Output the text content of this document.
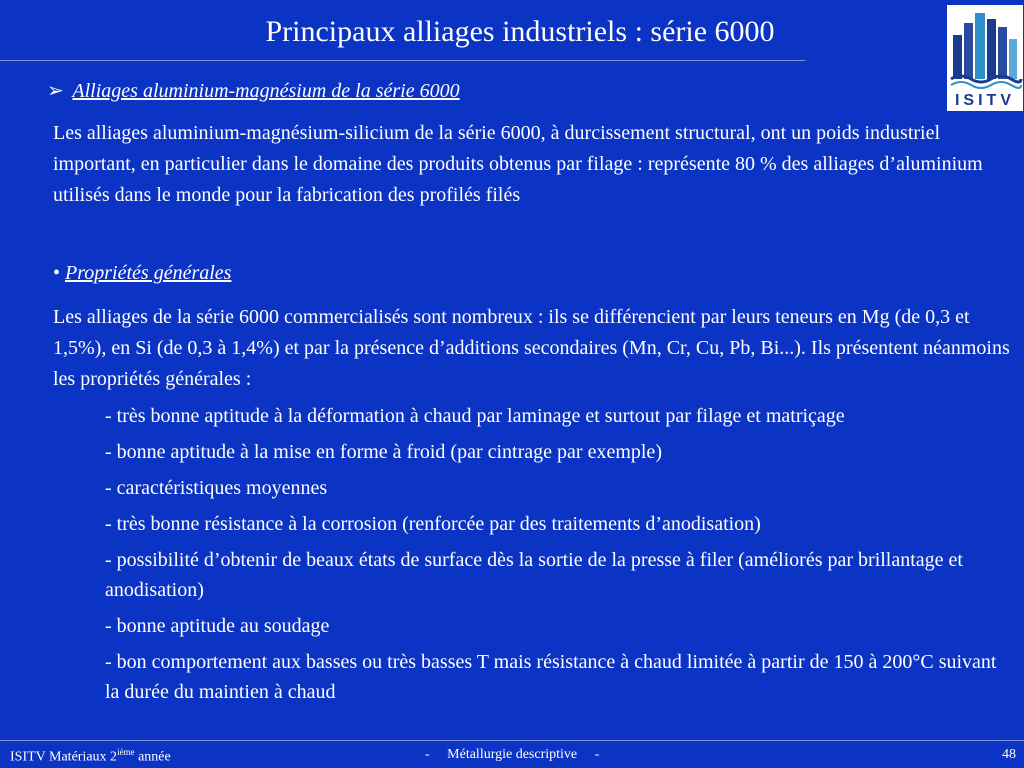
Principaux alliages industriels : série 6000
ISITV
➢ Alliages aluminium-magnésium de la série 6000
Les alliages aluminium-magnésium-silicium de la série 6000, à durcissement structural, ont un poids industriel important, en particulier dans le domaine des produits obtenus par filage : représente 80 % des alliages d’aluminium utilisés dans le monde pour la fabrication des profilés filés
• Propriétés générales
Les alliages de la série 6000 commercialisés sont nombreux : ils se différencient par leurs teneurs en Mg (de 0,3 et 1,5%), en Si (de 0,3 à 1,4%) et par la présence d’additions secondaires (Mn, Cr, Cu, Pb, Bi...). Ils présentent néanmoins les propriétés générales :
- très bonne aptitude à la déformation à chaud par laminage et surtout par filage et matriçage
- bonne aptitude à la mise en forme à froid (par cintrage par exemple)
- caractéristiques moyennes
- très bonne résistance à la corrosion (renforcée par des traitements d’anodisation)
- possibilité d’obtenir de beaux états de surface dès la sortie de la presse à filer (améliorés par brillantage et anodisation)
- bonne aptitude au soudage
- bon comportement aux basses ou très basses T mais résistance à chaud limitée à partir de 150 à 200°C suivant la durée du maintien à chaud
ISITV Matériaux 2ième année	-     Métallurgie descriptive     -	48
